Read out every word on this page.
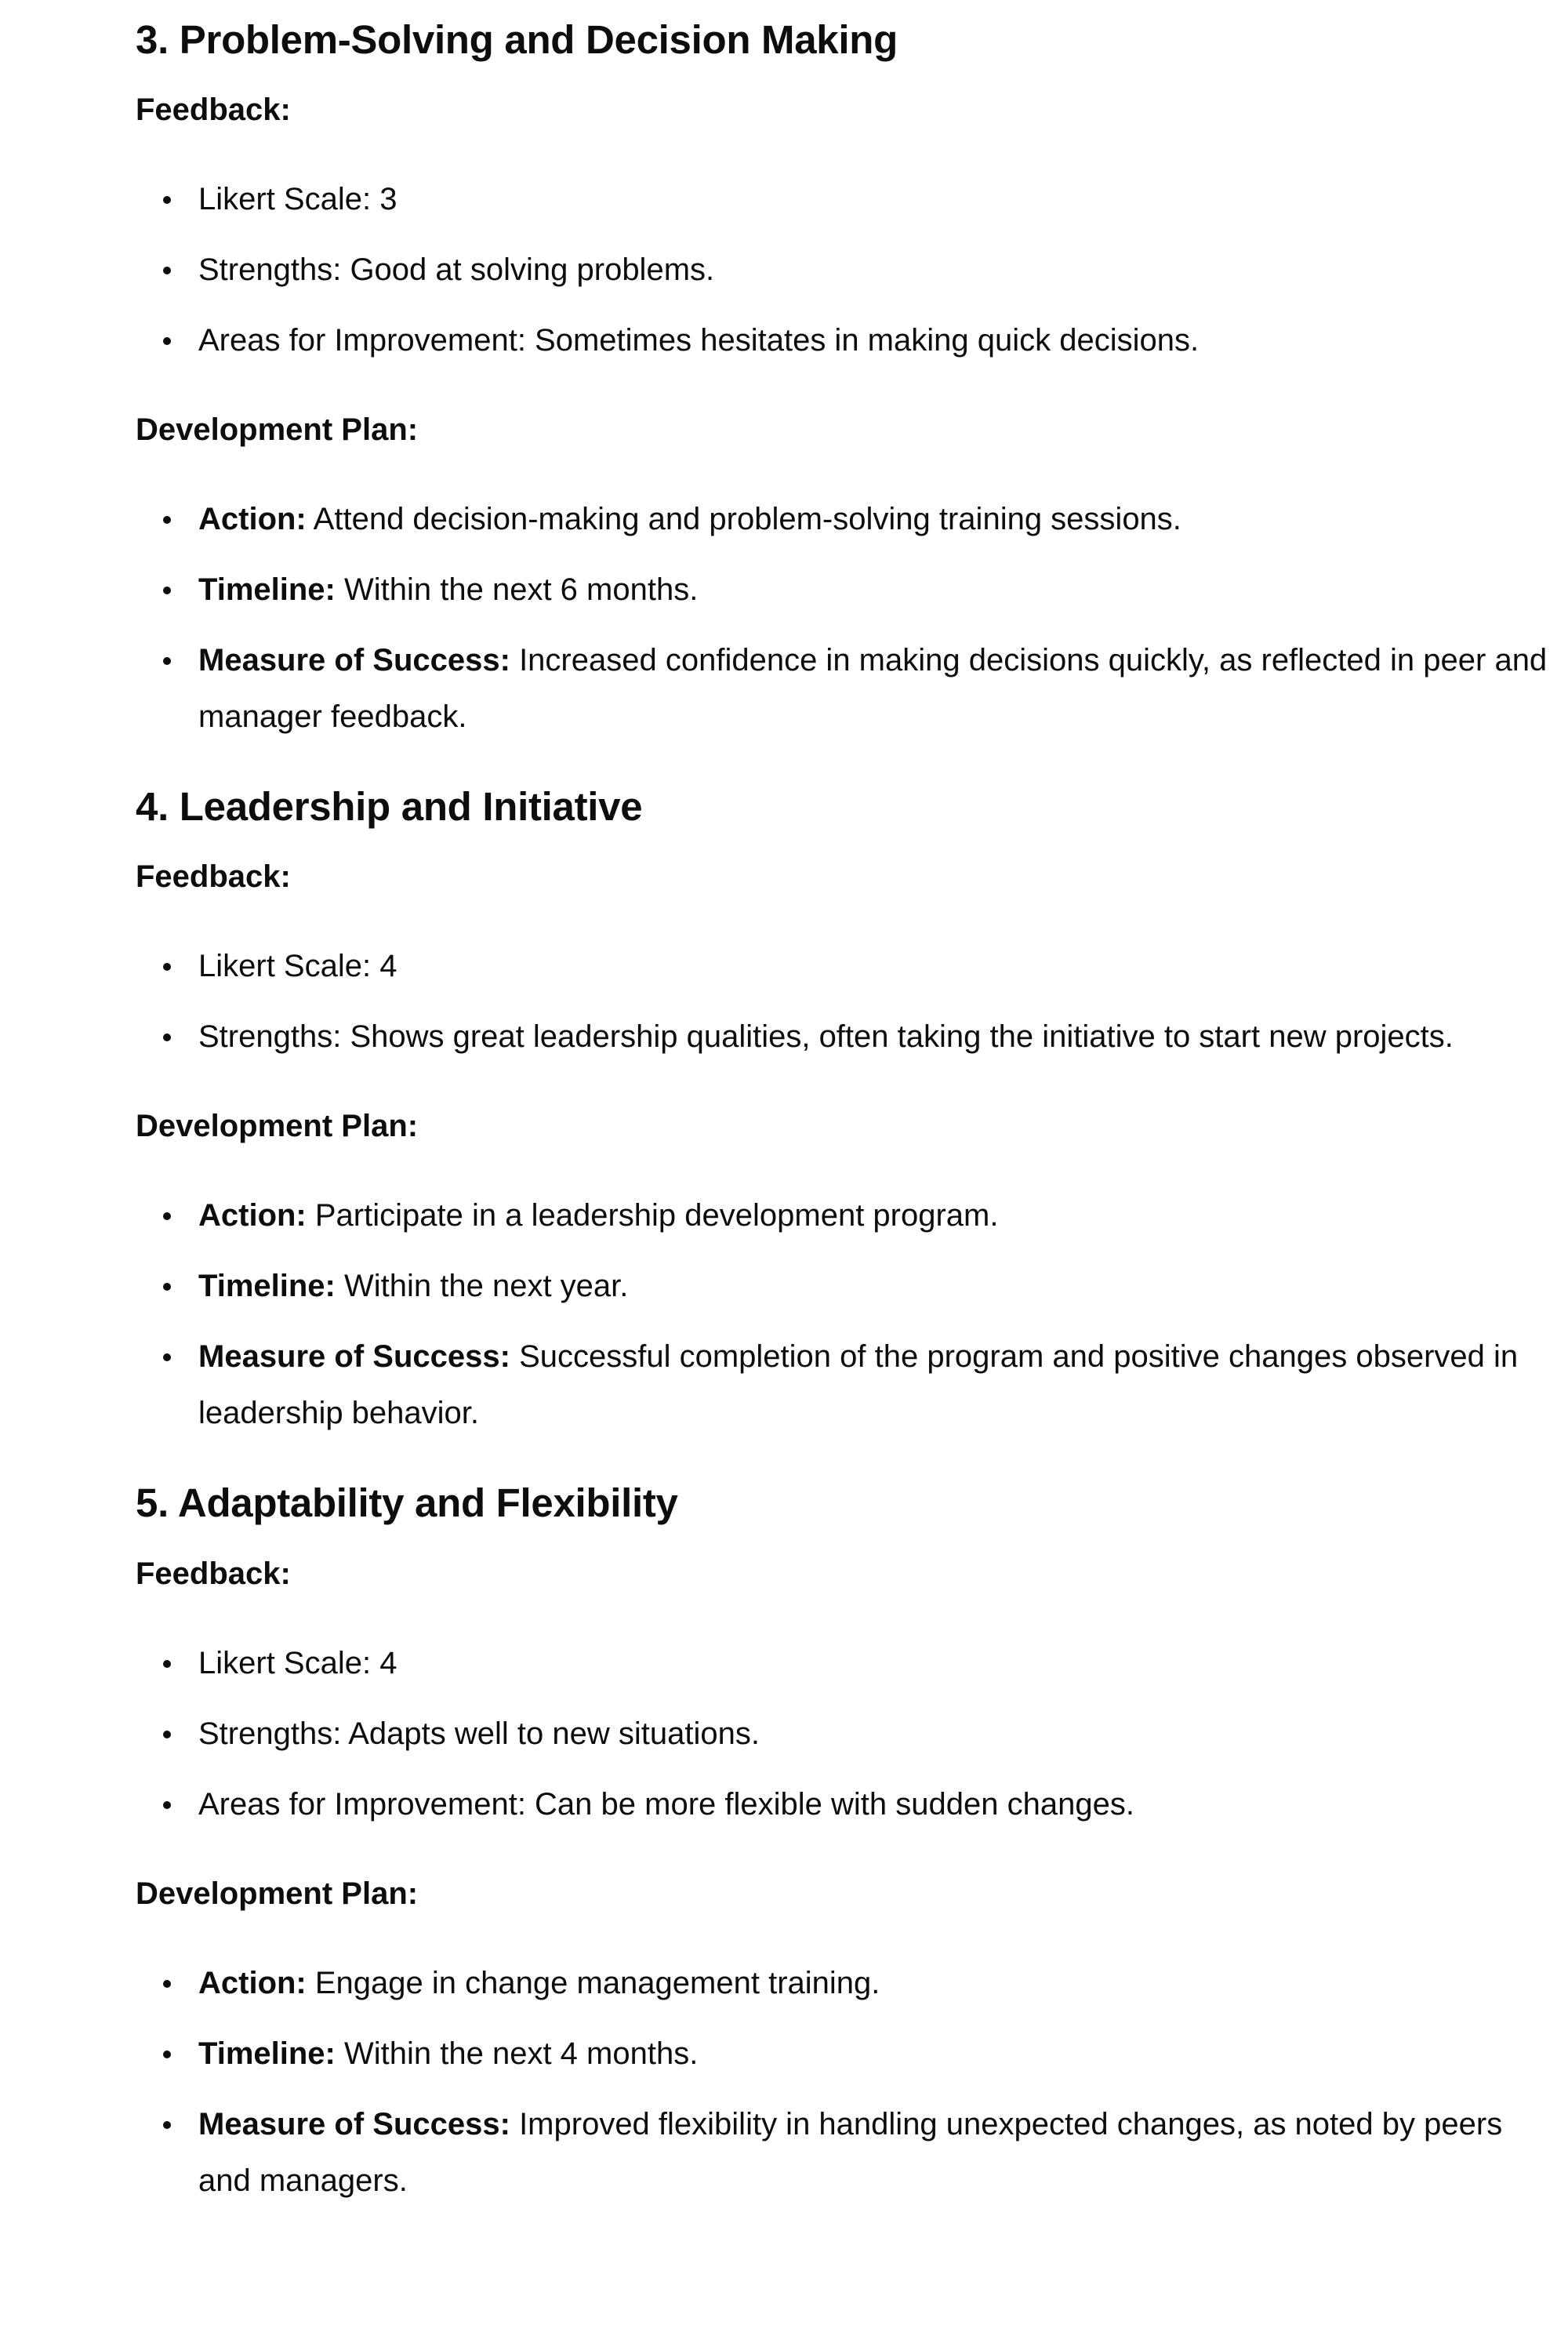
3. Problem-Solving and Decision Making

Feedback:

Likert Scale: 3
Strengths: Good at solving problems.
Areas for Improvement: Sometimes hesitates in making quick decisions.

Development Plan:

Action: Attend decision-making and problem-solving training sessions.
Timeline: Within the next 6 months.
Measure of Success: Increased confidence in making decisions quickly, as reflected in peer and manager feedback.
4. Leadership and Initiative

Feedback:

Likert Scale: 4
Strengths: Shows great leadership qualities, often taking the initiative to start new projects.

Development Plan:

Action: Participate in a leadership development program.
Timeline: Within the next year.
Measure of Success: Successful completion of the program and positive changes observed in leadership behavior.
5. Adaptability and Flexibility

Feedback:

Likert Scale: 4
Strengths: Adapts well to new situations.
Areas for Improvement: Can be more flexible with sudden changes.

Development Plan:

Action: Engage in change management training.
Timeline: Within the next 4 months.
Measure of Success: Improved flexibility in handling unexpected changes, as noted by peers and managers.
